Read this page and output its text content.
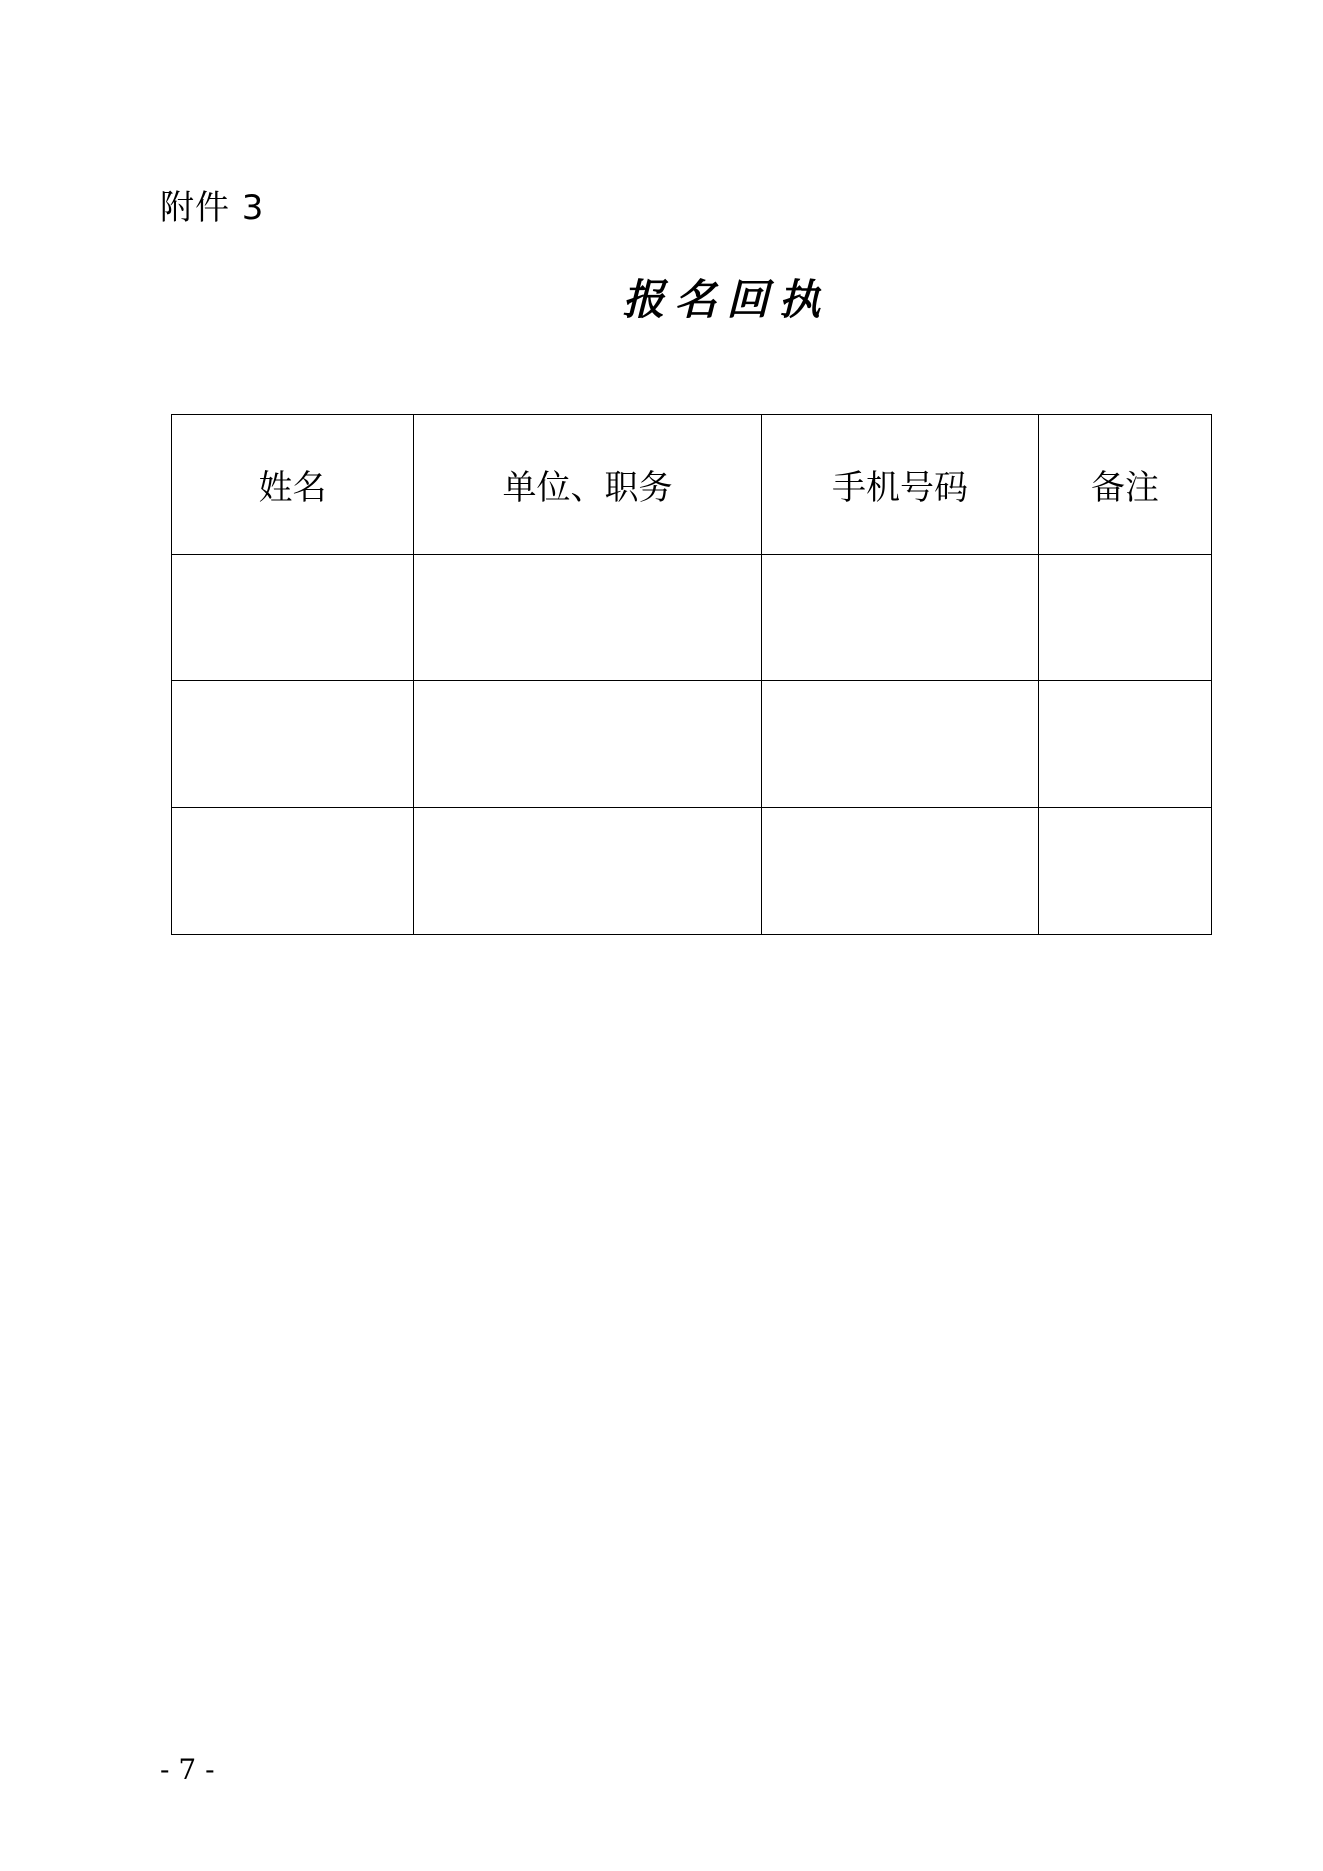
附件 3
报名回执
姓名	单位、职务	手机号码	备注

- 7 -
